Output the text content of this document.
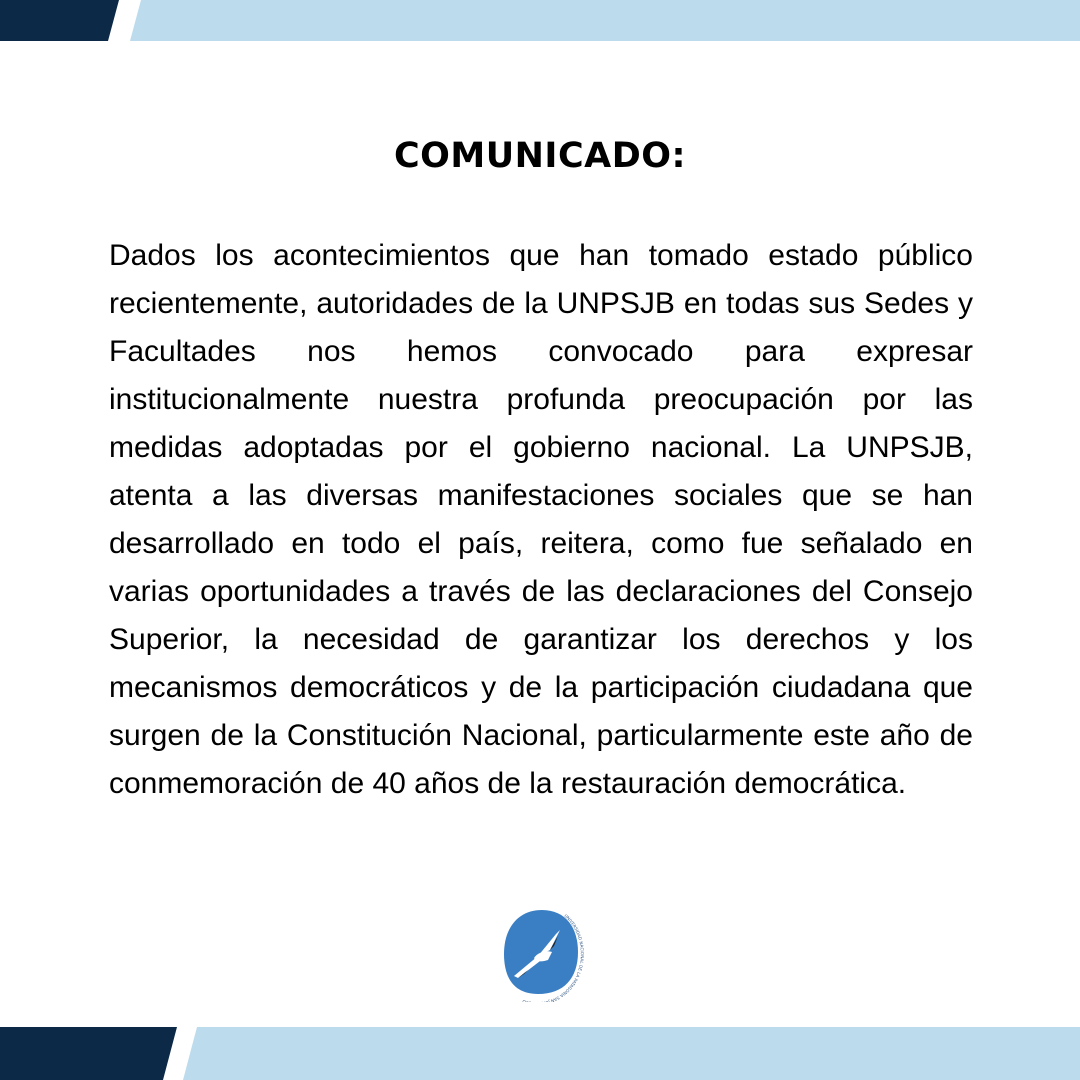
COMUNICADO:

Dados los acontecimientos que han tomado estado público recientemente, autoridades de la UNPSJB en todas sus Sedes y Facultades nos hemos convocado para expresar institucionalmente nuestra profunda preocupación por las medidas adoptadas por el gobierno nacional. La UNPSJB, atenta a las diversas manifestaciones sociales que se han desarrollado en todo el país, reitera, como fue señalado en varias oportunidades a través de las declaraciones del Consejo Superior, la necesidad de garantizar los derechos y los mecanismos democráticos y de la participación ciudadana que surgen de la Constitución Nacional, particularmente este año de conmemoración de 40 años de la restauración democrática.

UNIVERSIDAD NACIONAL DE LA PATAGONIA SAN J O
